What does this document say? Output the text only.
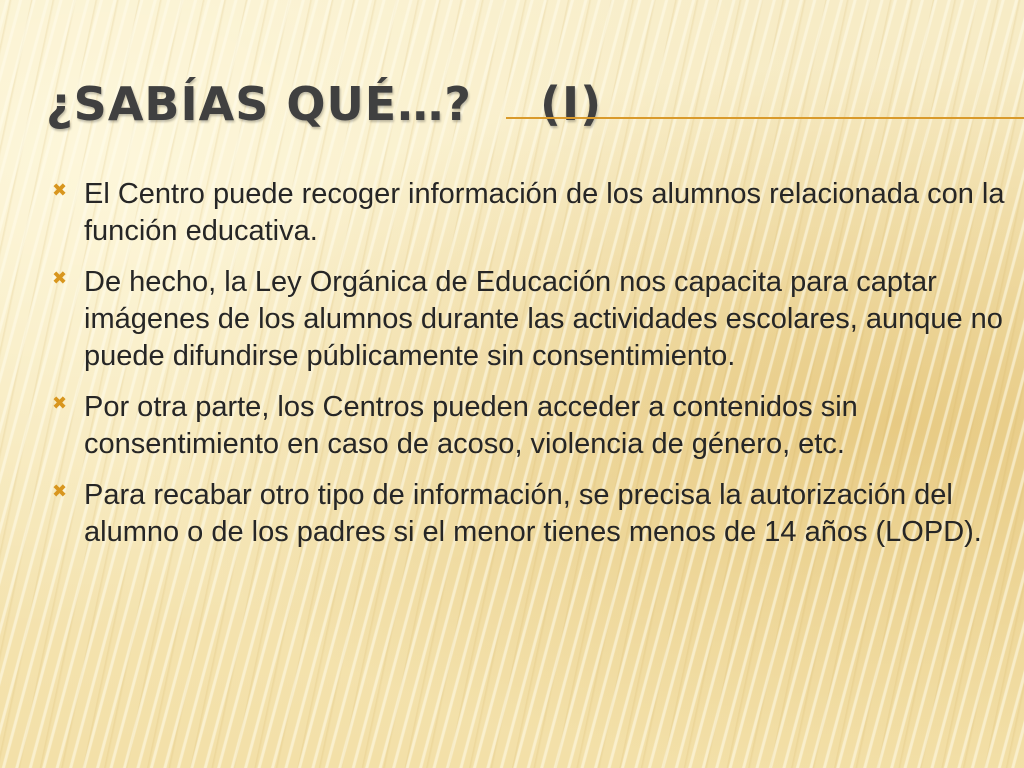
¿SABÍAS QUÉ…?    (I)
✖ El Centro puede recoger información de los alumnos relacionada con la función educativa.
✖ De hecho, la Ley Orgánica de Educación nos capacita para captar imágenes de los alumnos durante las actividades escolares, aunque no puede difundirse públicamente sin consentimiento.
✖ Por otra parte, los Centros pueden acceder a contenidos sin consentimiento en caso de acoso, violencia de género, etc.
✖ Para recabar otro tipo de información, se precisa la autorización del alumno o de los padres si el menor tienes menos de 14 años (LOPD).
